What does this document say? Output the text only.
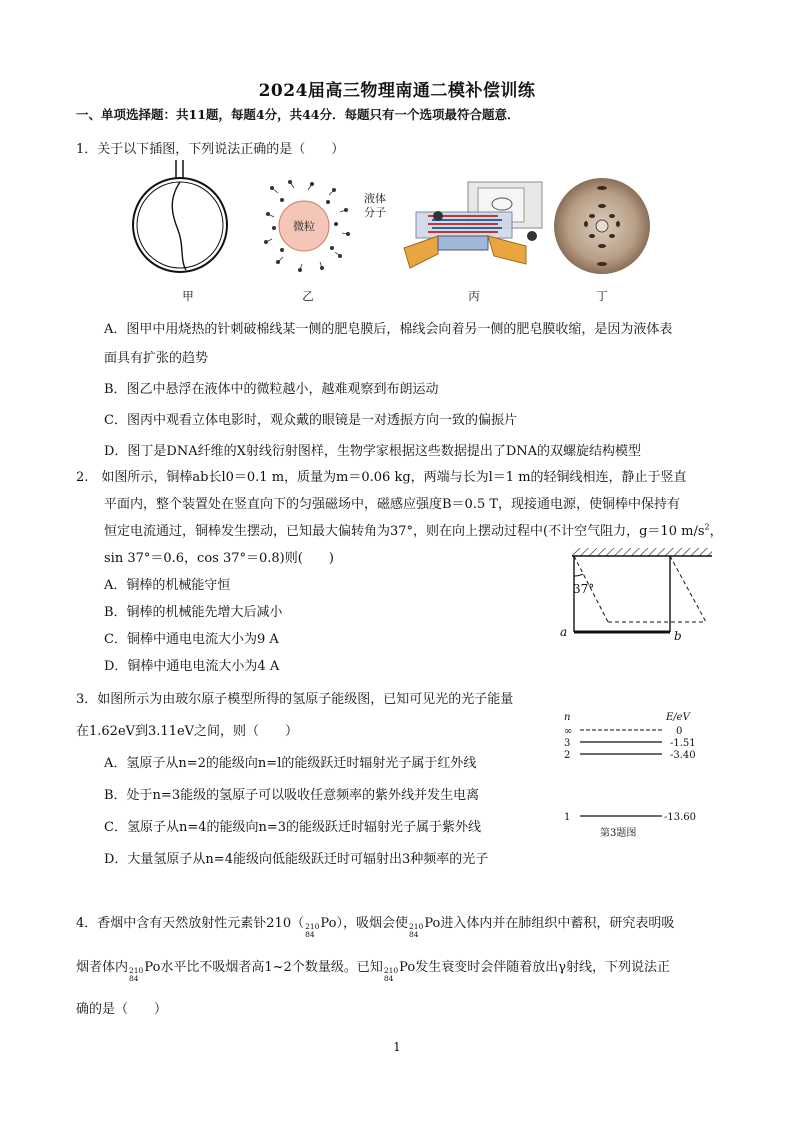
2024届高三物理南通二模补偿训练
一、单项选择题：共11题，每题4分，共44分．每题只有一个选项最符合题意．
1．关于以下插图，下列说法正确的是（　　）
甲
微粒
液体
分子
乙	丙	丁
A．图甲中用烧热的针刺破棉线某一侧的肥皂膜后，棉线会向着另一侧的肥皂膜收缩，是因为液体表
面具有扩张的趋势
B．图乙中悬浮在液体中的微粒越小，越难观察到布朗运动
C．图丙中观看立体电影时，观众戴的眼镜是一对透振方向一致的偏振片
D．图丁是DNA纤维的X射线衍射图样，生物学家根据这些数据提出了DNA的双螺旋结构模型
2.　如图所示，铜棒ab长l0＝0.1 m，质量为m＝0.06 kg，两端与长为l＝1 m的轻铜线相连，静止于竖直
平面内，整个装置处在竖直向下的匀强磁场中，磁感应强度B＝0.5 T，现接通电源，使铜棒中保持有
恒定电流通过，铜棒发生摆动，已知最大偏转角为37°，则在向上摆动过程中(不计空气阻力，g＝10 $m/s^2$，
sin 37°＝0.6，cos 37°＝0.8)则(　　)
A．铜棒的机械能守恒
B．铜棒的机械能先增大后减小
C．铜棒中通电电流大小为9 A
D．铜棒中通电电流大小为4 A
37°
a	b
3．如图所示为由玻尔原子模型所得的氢原子能级图，已知可见光的光子能量
在1.62eV到3.11eV之间，则（　　）
A．氢原子从n=2的能级向n=l的能级跃迁时辐射光子属于红外线
B．处于n=3能级的氢原子可以吸收任意频率的紫外线并发生电离
C．氢原子从n=4的能级向n=3的能级跃迁时辐射光子属于紫外线
D．大量氢原子从n=4能级向低能级跃迁时可辐射出3种频率的光子
n	E/eV
∞	0
3	-1.51
2	-3.40
1	-13.60
第3题图
4．香烟中含有天然放射性元素钋210（ 210
84
Po），吸烟会使 210
84
Po进入体内并在肺组织中蓄积，研究表明吸
烟者体内 210
84
Po水平比不吸烟者高1~2个数量级。已知 210
84
Po发生衰变时会伴随着放出γ射线，下列说法正
确的是（　　）
1
